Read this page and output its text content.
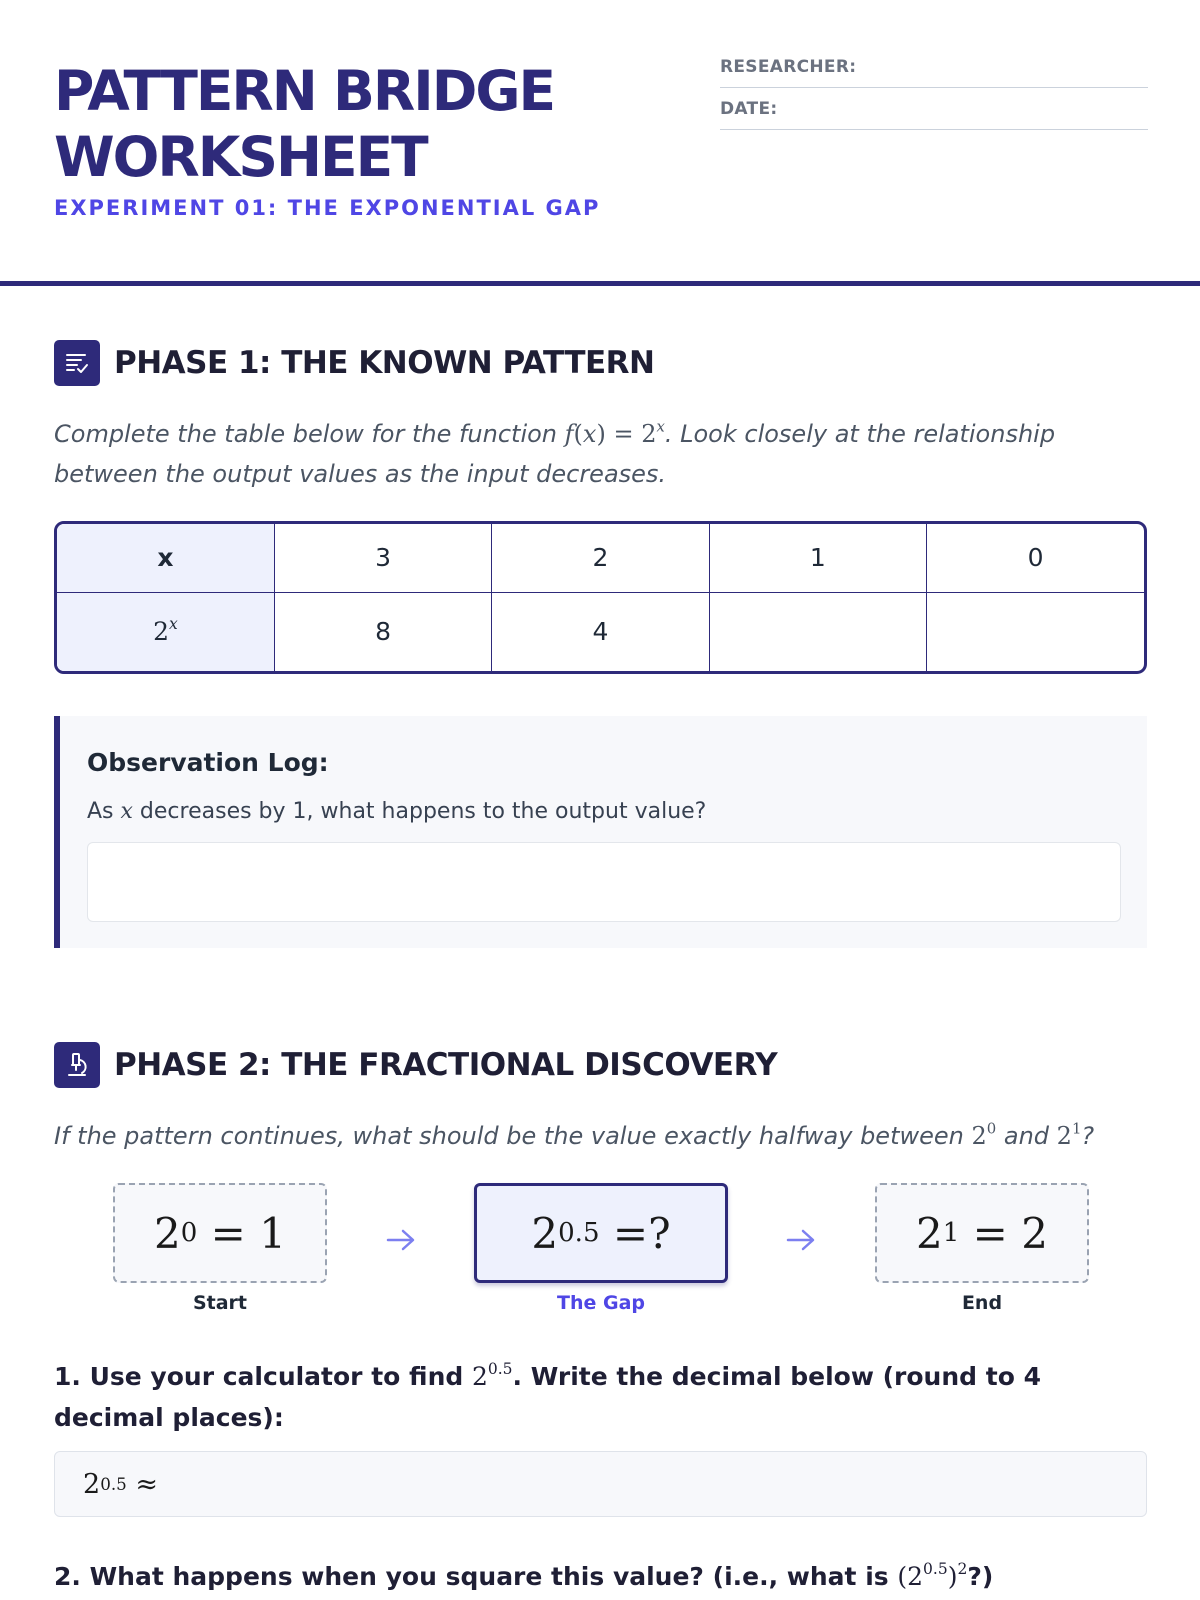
PATTERN BRIDGE
WORKSHEET
EXPERIMENT 01: THE EXPONENTIAL GAP
RESEARCHER:
DATE:
PHASE 1: THE KNOWN PATTERN
Complete the table below for the function $f(x) = 2^x$. Look closely at the relationship between the output values as the input decreases.
x	3	2	1	0
2$^x$	8	4		
Observation Log:
As x decreases by 1, what happens to the output value?
PHASE 2: THE FRACTIONAL DISCOVERY
If the pattern continues, what should be the value exactly halfway between $2^0$ and $2^1$?
2 0 = 1
Start
2 0.5 =?
The Gap
2 1 = 2
End
1. Use your calculator to find $2^{0.5}$. Write the decimal below (round to 4 decimal places):
2 0.5 ≈
2. What happens when you square this value? (i.e., what is $(2^{0.5})^2$?)
